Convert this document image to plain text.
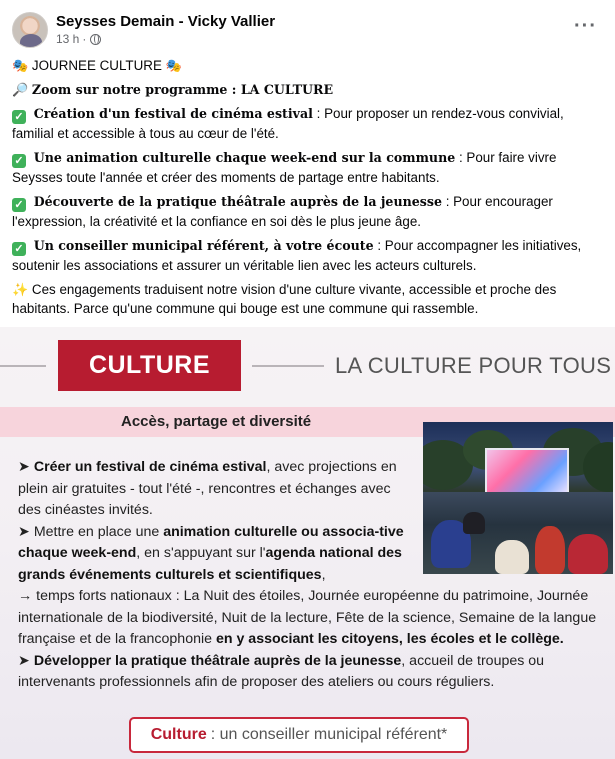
Seysses Demain - Vicky Vallier
13 h ·
···

🎭 JOURNEE CULTURE 🎭

🔎 Zoom sur notre programme : LA CULTURE

✓ Création d'un festival de cinéma estival : Pour proposer un rendez-vous convivial, familial et accessible à tous au cœur de l'été.

✓ Une animation culturelle chaque week-end sur la commune : Pour faire vivre Seysses toute l'année et créer des moments de partage entre habitants.

✓ Découverte de la pratique théâtrale auprès de la jeunesse : Pour encourager l'expression, la créativité et la confiance en soi dès le plus jeune âge.

✓ Un conseiller municipal référent, à votre écoute : Pour accompagner les initiatives, soutenir les associations et assurer un véritable lien avec les acteurs culturels.

✨ Ces engagements traduisent notre vision d'une culture vivante, accessible et proche des habitants. Parce qu'une commune qui bouge est une commune qui rassemble.

CULTURE	LA CULTURE POUR TOUS
Accès, partage et diversité
➤ Créer un festival de cinéma estival, avec projections en plein air gratuites - tout l'été -, rencontres et échanges avec des cinéastes invités.
➤ Mettre en place une animation culturelle ou associa-tive chaque week-end, en s'appuyant sur l'agenda national des grands événements culturels et scientifiques,
→ temps forts nationaux : La Nuit des étoiles, Journée européenne du patrimoine, Journée internationale de la biodiversité, Nuit de la lecture, Fête de la science, Semaine de la langue française et de la francophonie en y associant les citoyens, les écoles et le collège.
➤ Développer la pratique théâtrale auprès de la jeunesse, accueil de troupes ou intervenants professionnels afin de proposer des ateliers ou cours réguliers.
Culture : un conseiller municipal référent*
